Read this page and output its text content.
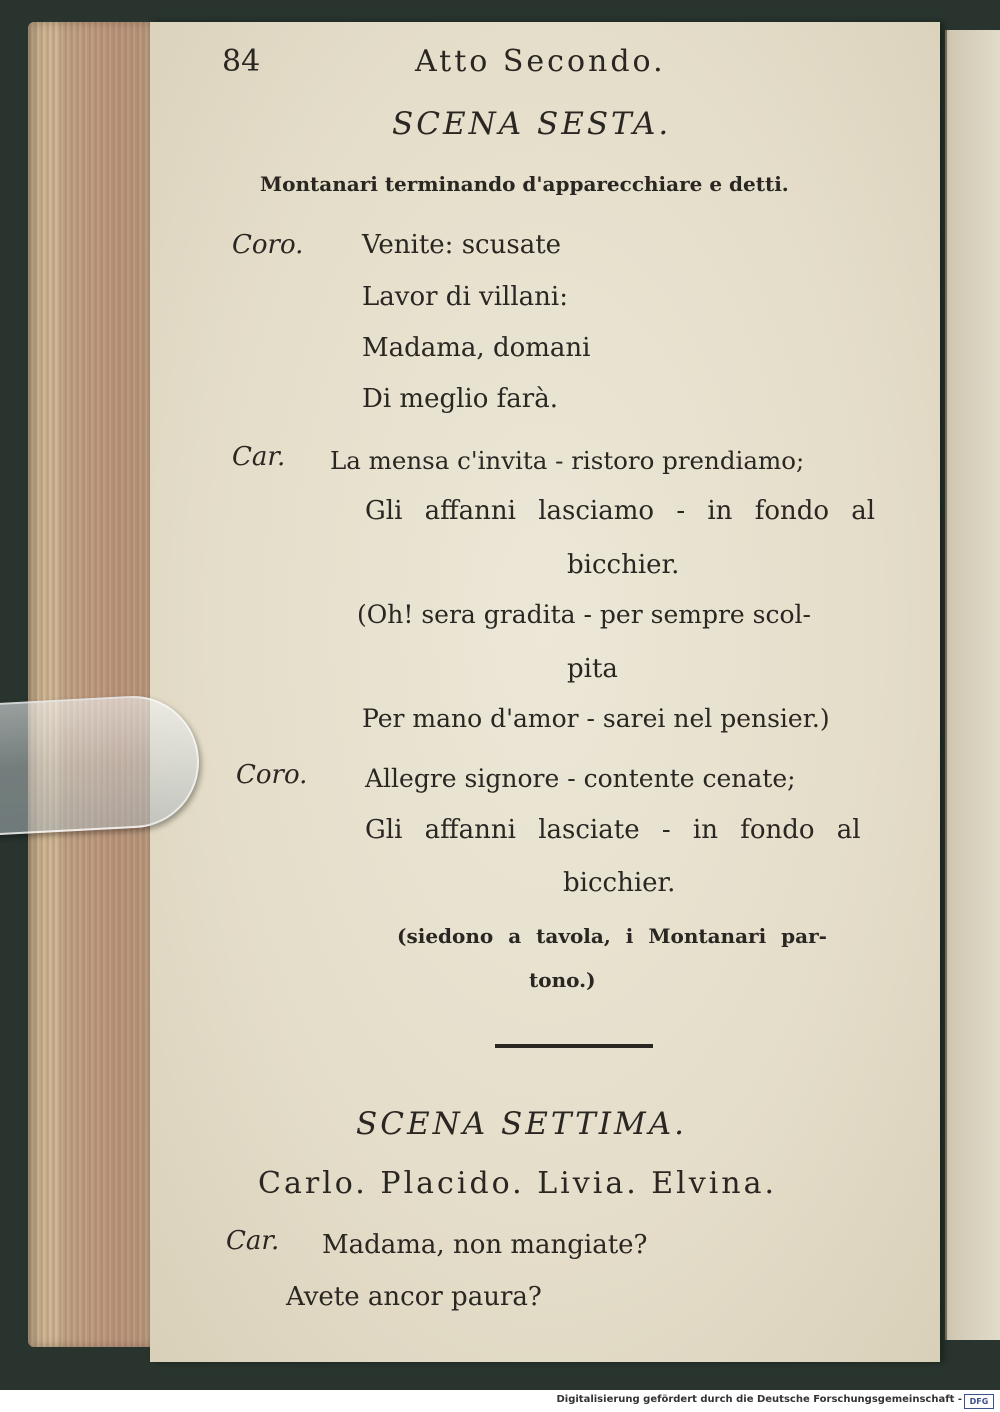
84	Atto Secondo.
SCENA SESTA.
Montanari terminando d'apparecchiare e detti.
Coro. Venite: scusate
Lavor di villani:
Madama, domani
Di meglio farà.
Car. La mensa c'invita - ristoro prendiamo;
Gli affanni lasciamo - in fondo al
bicchier.
(Oh! sera gradita - per sempre scol-
pita
Per mano d'amor - sarei nel pensier.)
Coro. Allegre signore - contente cenate;
Gli affanni lasciate - in fondo al
bicchier.
(siedono a tavola, i Montanari par-
tono.)
SCENA SETTIMA.
Carlo. Placido. Livia. Elvina.
Car. Madama, non mangiate?
Avete ancor paura?
Digitalisierung gefördert durch die Deutsche Forschungsgemeinschaft - DFG
